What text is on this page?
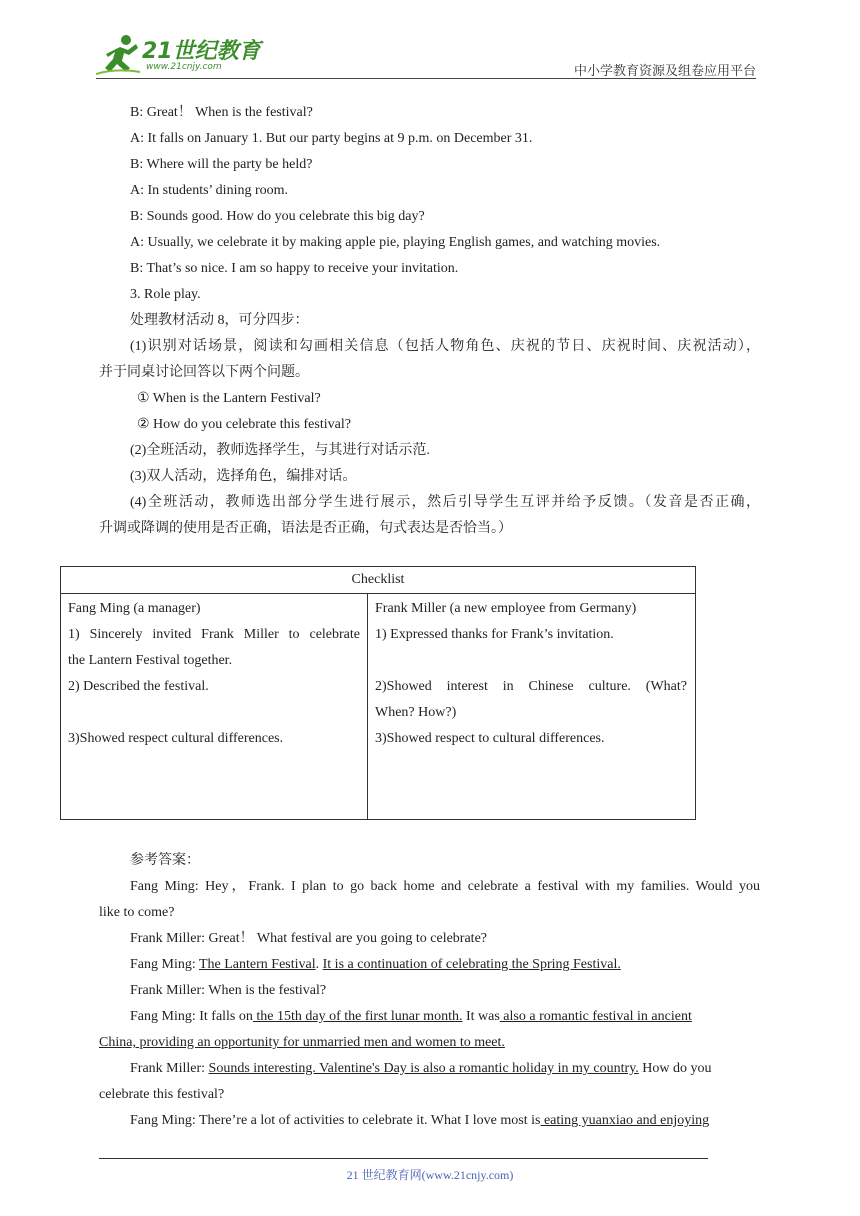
21世纪教育
www.21cnjy.com	中小学教育资源及组卷应用平台
B: Great！ When is the festival?
A: It falls on January 1. But our party begins at 9 p.m. on December 31.
B: Where will the party be held?
A: In students’ dining room.
B: Sounds good. How do you celebrate this big day?
A: Usually, we celebrate it by making apple pie, playing English games, and watching movies.
B: That’s so nice. I am so happy to receive your invitation.
3. Role play.
处理教材活动 8，可分四步：
(1)识别对话场景，阅读和勾画相关信息（包括人物角色、庆祝的节日、庆祝时间、庆祝活动），
并于同桌讨论回答以下两个问题。
① When is the Lantern Festival?
② How do you celebrate this festival?
(2)全班活动，教师选择学生，与其进行对话示范.
(3)双人活动，选择角色，编排对话。
(4)全班活动，教师选出部分学生进行展示，然后引导学生互评并给予反馈。（发音是否正确，
升调或降调的使用是否正确，语法是否正确，句式表达是否恰当。）
Checklist

Fang Ming (a manager)
1) Sincerely invited Frank Miller to celebrate
the Lantern Festival together.
2) Described the festival.
3)Showed respect cultural differences.

Frank Miller (a new employee from Germany)
1) Expressed thanks for Frank’s invitation.
2)Showed interest in Chinese culture. (What?
When? How?)
3)Showed respect to cultural differences.
参考答案：
Fang Ming: Hey，Frank. I plan to go back home and celebrate a festival with my families. Would you
like to come?
Frank Miller: Great！ What festival are you going to celebrate?
Fang Ming: The Lantern Festival. It is a continuation of celebrating the Spring Festival.
Frank Miller: When is the festival?
Fang Ming: It falls on the 15th day of the first lunar month. It was also a romantic festival in ancient
China, providing an opportunity for unmarried men and women to meet.
Frank Miller: Sounds interesting. Valentine's Day is also a romantic holiday in my country. How do you
celebrate this festival?
Fang Ming: There’re a lot of activities to celebrate it. What I love most is eating yuanxiao and enjoying
21 世纪教育网(www.21cnjy.com)
